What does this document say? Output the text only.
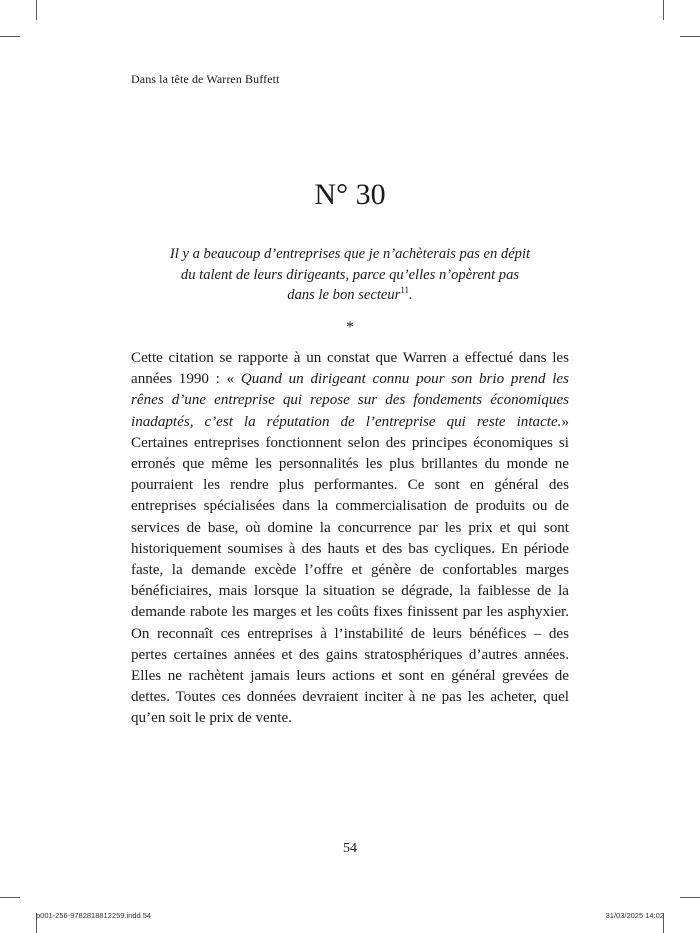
Dans la tête de Warren Buffett
N° 30

Il y a beaucoup d’entreprises que je n’achèterais pas en dépit
du talent de leurs dirigeants, parce qu’elles n’opèrent pas
dans le bon secteur$^{11}$.

*

Cette citation se rapporte à un constat que Warren a effectué dans les années 1990 : « Quand un dirigeant connu pour son brio prend les rênes d’une entreprise qui repose sur des fondements économiques inadaptés, c’est la réputation de l’entreprise qui reste intacte.» Certaines entreprises fonctionnent selon des principes économiques si erronés que même les personnalités les plus brillantes du monde ne pourraient les rendre plus performantes. Ce sont en général des entreprises spécialisées dans la commercialisation de produits ou de services de base, où domine la concurrence par les prix et qui sont historiquement soumises à des hauts et des bas cycliques. En période faste, la demande excède l’offre et génère de confortables marges bénéficiaires, mais lorsque la situation se dégrade, la faiblesse de la demande rabote les marges et les coûts fixes finissent par les asphyxier. On reconnaît ces entreprises à l’instabilité de leurs bénéfices – des pertes certaines années et des gains stratosphériques d’autres années. Elles ne rachètent jamais leurs actions et sont en général grevées de dettes. Toutes ces données devraient inciter à ne pas les acheter, quel qu’en soit le prix de vente.

54
p001-256-9782818812259.indd 54	31/03/2025 14:02
